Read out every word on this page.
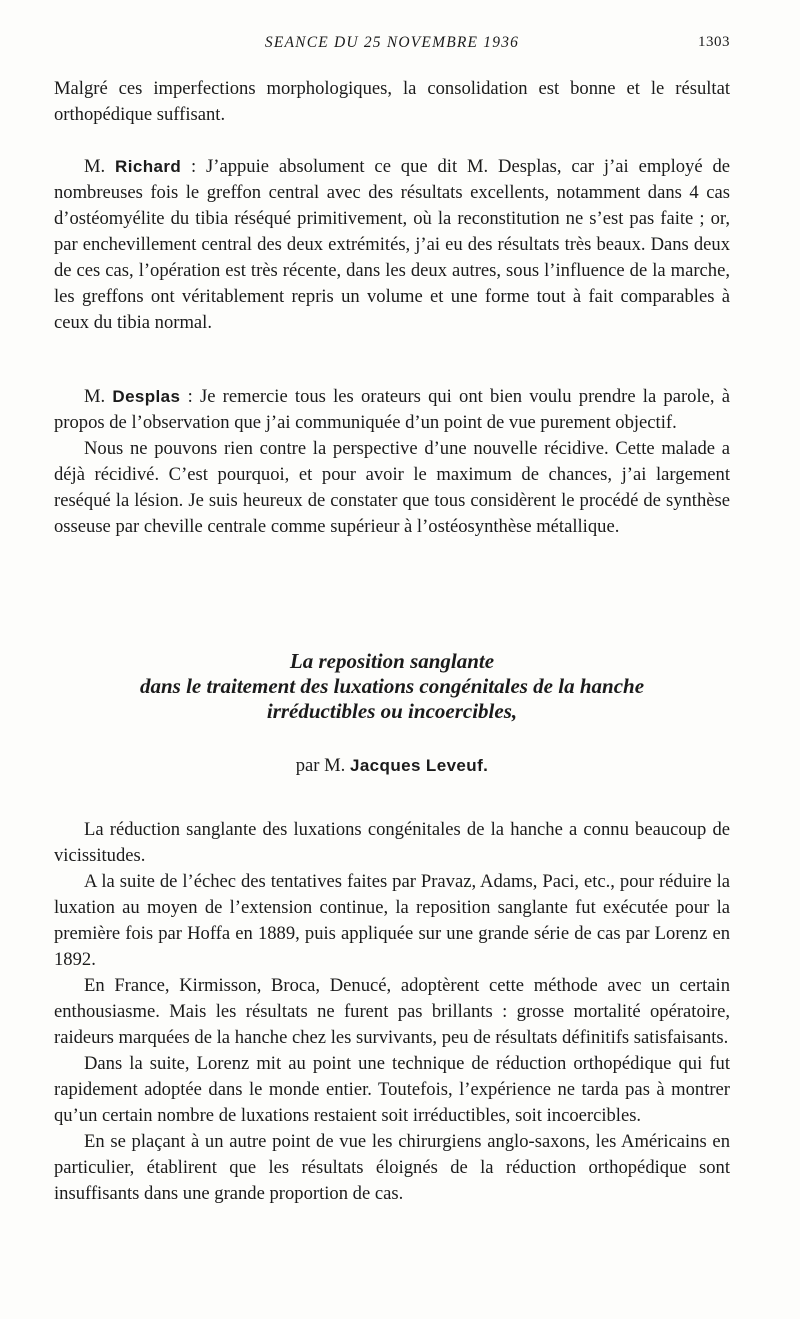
SEANCE DU 25 NOVEMBRE 1936	1303

Malgré ces imperfections morphologiques, la consolidation est bonne et le résultat orthopédique suffisant.

M. Richard : J’appuie absolument ce que dit M. Desplas, car j’ai employé de nombreuses fois le greffon central avec des résultats excellents, notamment dans 4 cas d’ostéomyélite du tibia réséqué primitivement, où la reconstitution ne s’est pas faite ; or, par enchevillement central des deux extrémités, j’ai eu des résultats très beaux. Dans deux de ces cas, l’opération est très récente, dans les deux autres, sous l’influence de la marche, les greffons ont véritablement repris un volume et une forme tout à fait comparables à ceux du tibia normal.

M. Desplas : Je remercie tous les orateurs qui ont bien voulu prendre la parole, à propos de l’observation que j’ai communiquée d’un point de vue purement objectif.

Nous ne pouvons rien contre la perspective d’une nouvelle récidive. Cette malade a déjà récidivé. C’est pourquoi, et pour avoir le maximum de chances, j’ai largement reséqué la lésion. Je suis heureux de constater que tous considèrent le procédé de synthèse osseuse par cheville centrale comme supérieur à l’ostéosynthèse métallique.

La reposition sanglante
dans le traitement des luxations congénitales de la hanche
irréductibles ou incoercibles,
par M. Jacques Leveuf.

La réduction sanglante des luxations congénitales de la hanche a connu beaucoup de vicissitudes.

A la suite de l’échec des tentatives faites par Pravaz, Adams, Paci, etc., pour réduire la luxation au moyen de l’extension continue, la reposition sanglante fut exécutée pour la première fois par Hoffa en 1889, puis appliquée sur une grande série de cas par Lorenz en 1892.

En France, Kirmisson, Broca, Denucé, adoptèrent cette méthode avec un certain enthousiasme. Mais les résultats ne furent pas brillants : grosse mortalité opératoire, raideurs marquées de la hanche chez les survivants, peu de résultats définitifs satisfaisants.

Dans la suite, Lorenz mit au point une technique de réduction orthopédique qui fut rapidement adoptée dans le monde entier. Toutefois, l’expérience ne tarda pas à montrer qu’un certain nombre de luxations restaient soit irréductibles, soit incoercibles.

En se plaçant à un autre point de vue les chirurgiens anglo-saxons, les Américains en particulier, établirent que les résultats éloignés de la réduction orthopédique sont insuffisants dans une grande proportion de cas.
